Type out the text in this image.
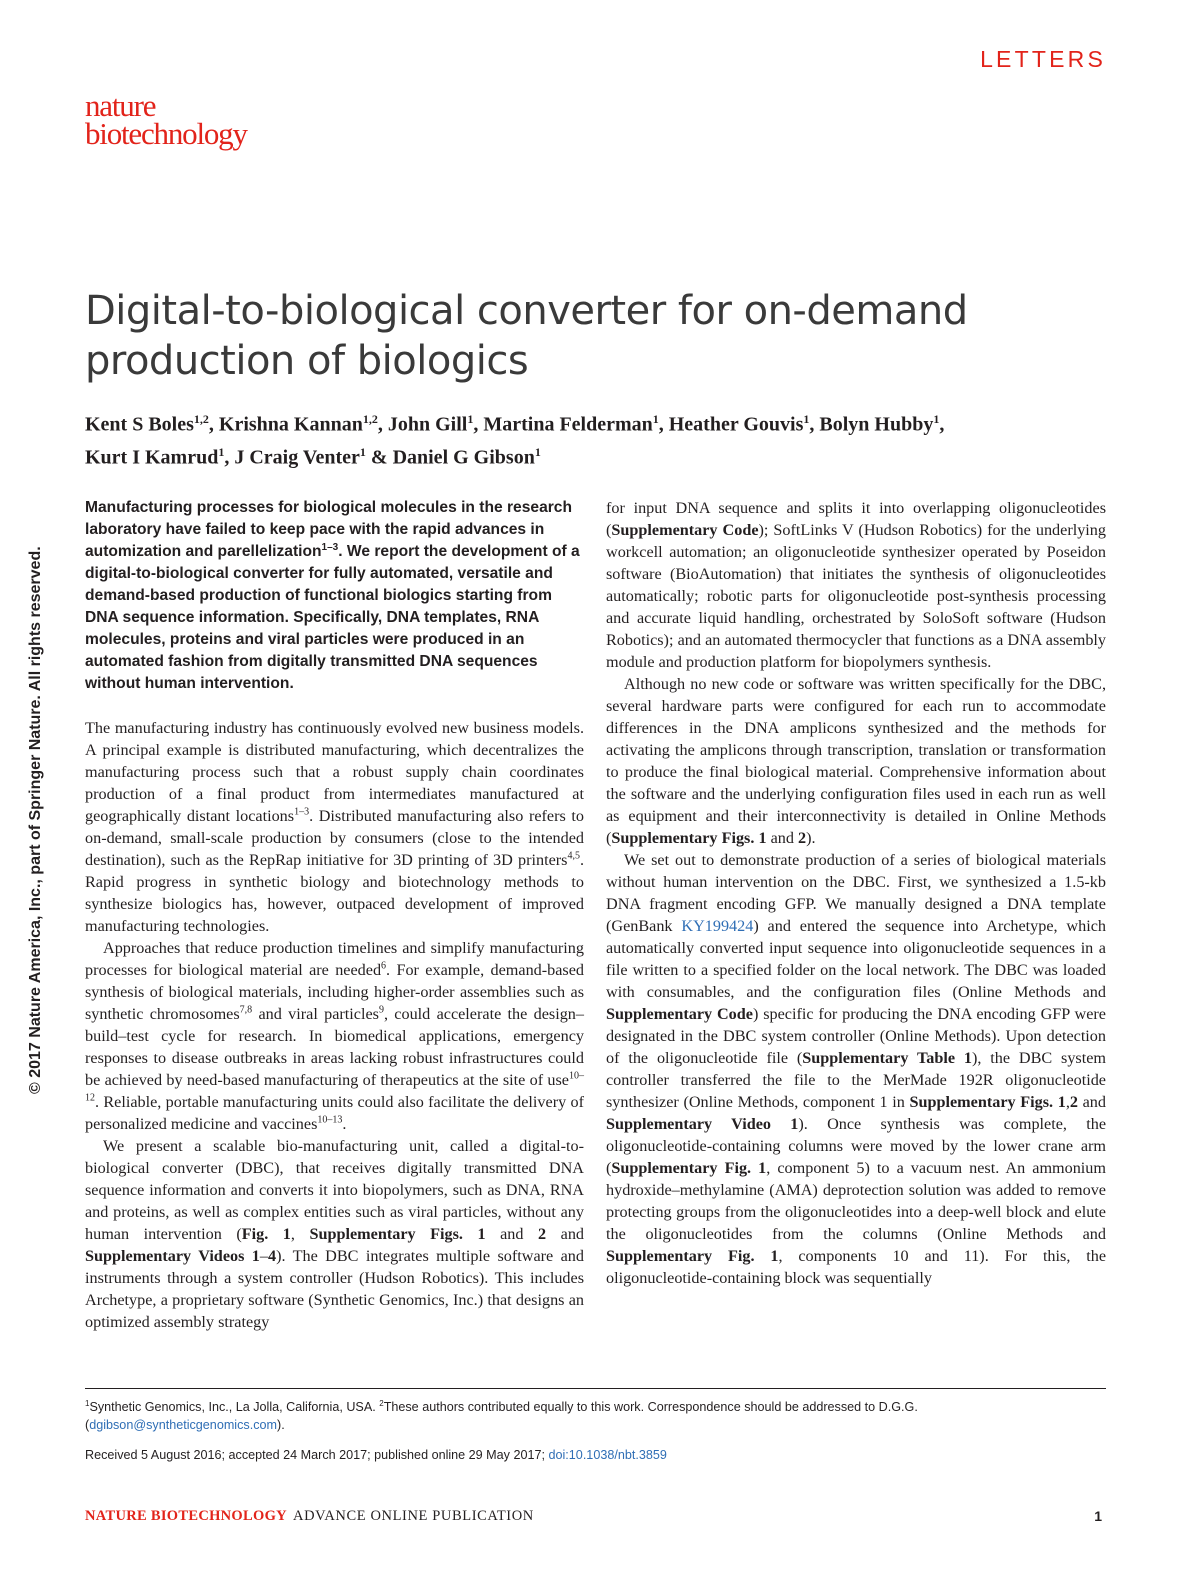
LETTERS
nature
biotechnology
Digital-to-biological converter for on-demand production of biologics

Kent S Boles$^{1,2}$, Krishna Kannan$^{1,2}$, John Gill$^1$, Martina Felderman$^1$, Heather Gouvis$^1$, Bolyn Hubby$^1$,
Kurt I Kamrud$^1$, J Craig Venter$^1$ & Daniel G Gibson$^1$

© 2017 Nature America, Inc., part of Springer Nature. All rights reserved.

Manufacturing processes for biological molecules in the research laboratory have failed to keep pace with the rapid advances in automization and parellelization$^{1-3}$. We report the development of a digital-to-biological converter for fully automated, versatile and demand-based production of functional biologics starting from DNA sequence information. Specifically, DNA templates, RNA molecules, proteins and viral particles were produced in an automated fashion from digitally transmitted DNA sequences without human intervention.

The manufacturing industry has continuously evolved new business models. A principal example is distributed manufacturing, which decentralizes the manufacturing process such that a robust supply chain coordinates production of a final product from intermediates manufactured at geographically distant locations$^{1-3}$. Distributed manufacturing also refers to on-demand, small-scale production by consumers (close to the intended destination), such as the RepRap initiative for 3D printing of 3D printers$^{4,5}$. Rapid progress in synthetic biology and biotechnology methods to synthesize biologics has, however, outpaced development of improved manufacturing technologies.

Approaches that reduce production timelines and simplify manufacturing processes for biological material are needed$^6$. For example, demand-based synthesis of biological materials, including higher-order assemblies such as synthetic chromosomes$^{7,8}$ and viral particles$^9$, could accelerate the design–build–test cycle for research. In biomedical applications, emergency responses to disease outbreaks in areas lacking robust infrastructures could be achieved by need-based manufacturing of therapeutics at the site of use$^{10-12}$. Reliable, portable manufacturing units could also facilitate the delivery of personalized medicine and vaccines$^{10-13}$.

We present a scalable bio-manufacturing unit, called a digital-to-biological converter (DBC), that receives digitally transmitted DNA sequence information and converts it into biopolymers, such as DNA, RNA and proteins, as well as complex entities such as viral particles, without any human intervention (Fig. 1, Supplementary Figs. 1 and 2 and Supplementary Videos 1–4). The DBC integrates multiple software and instruments through a system controller (Hudson Robotics). This includes Archetype, a proprietary software (Synthetic Genomics, Inc.) that designs an optimized assembly strategy

for input DNA sequence and splits it into overlapping oligonucleotides (Supplementary Code); SoftLinks V (Hudson Robotics) for the underlying workcell automation; an oligonucleotide synthesizer operated by Poseidon software (BioAutomation) that initiates the synthesis of oligonucleotides automatically; robotic parts for oligonucleotide post-synthesis processing and accurate liquid handling, orchestrated by SoloSoft software (Hudson Robotics); and an automated thermocycler that functions as a DNA assembly module and production platform for biopolymers synthesis.

Although no new code or software was written specifically for the DBC, several hardware parts were configured for each run to accommodate differences in the DNA amplicons synthesized and the methods for activating the amplicons through transcription, translation or transformation to produce the final biological material. Comprehensive information about the software and the underlying configuration files used in each run as well as equipment and their interconnectivity is detailed in Online Methods (Supplementary Figs. 1 and 2).

We set out to demonstrate production of a series of biological materials without human intervention on the DBC. First, we synthesized a 1.5-kb DNA fragment encoding GFP. We manually designed a DNA template (GenBank KY199424) and entered the sequence into Archetype, which automatically converted input sequence into oligonucleotide sequences in a file written to a specified folder on the local network. The DBC was loaded with consumables, and the configuration files (Online Methods and Supplementary Code) specific for producing the DNA encoding GFP were designated in the DBC system controller (Online Methods). Upon detection of the oligonucleotide file (Supplementary Table 1), the DBC system controller transferred the file to the MerMade 192R oligonucleotide synthesizer (Online Methods, component 1 in Supplementary Figs. 1,2 and Supplementary Video 1). Once synthesis was complete, the oligonucleotide-containing columns were moved by the lower crane arm (Supplementary Fig. 1, component 5) to a vacuum nest. An ammonium hydroxide–methylamine (AMA) deprotection solution was added to remove protecting groups from the oligonucleotides into a deep-well block and elute the oligonucleotides from the columns (Online Methods and Supplementary Fig. 1, components 10 and 11). For this, the oligonucleotide-containing block was sequentially

$^1$Synthetic Genomics, Inc., La Jolla, California, USA. $^2$These authors contributed equally to this work. Correspondence should be addressed to D.G.G. (dgibson@syntheticgenomics.com).

Received 5 August 2016; accepted 24 March 2017; published online 29 May 2017; doi:10.1038/nbt.3859

NATURE BIOTECHNOLOGY ADVANCE ONLINE PUBLICATION	1
